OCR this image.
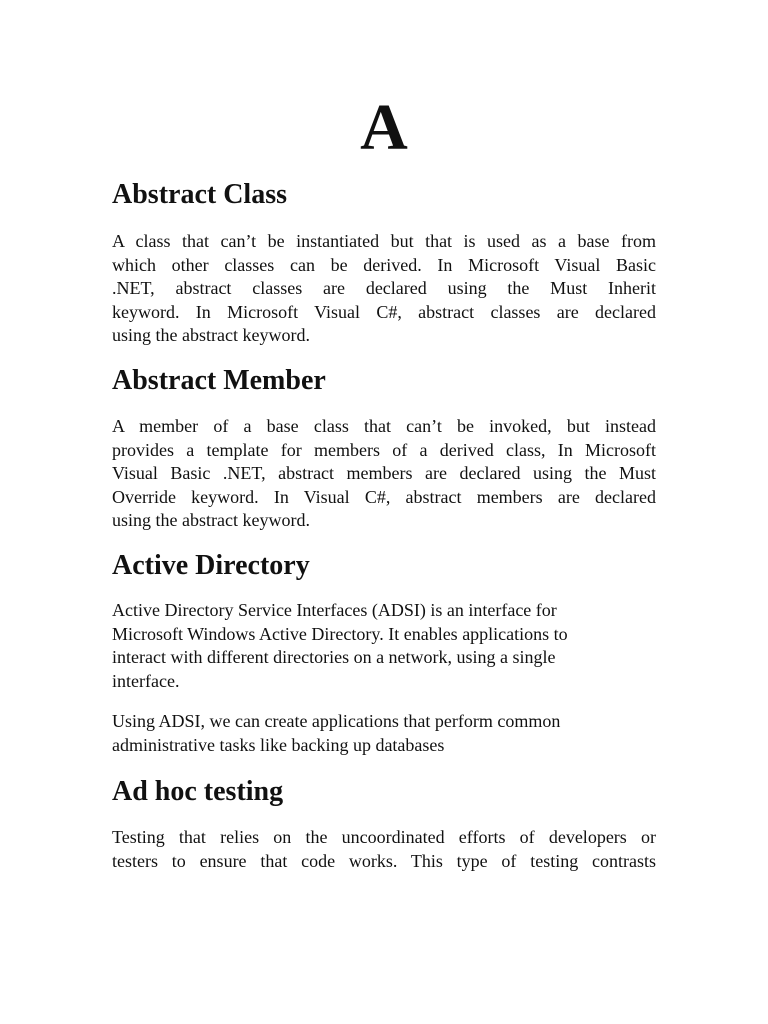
A
Abstract Class
A class that can’t be instantiated but that is used as a base from
which other classes can be derived. In Microsoft Visual Basic
.NET, abstract classes are declared using the Must Inherit
keyword. In Microsoft Visual C#, abstract classes are declared
using the abstract keyword.
Abstract Member
A member of a base class that can’t be invoked, but instead
provides a template for members of a derived class, In Microsoft
Visual Basic .NET, abstract members are declared using the Must
Override keyword. In Visual C#, abstract members are declared
using the abstract keyword.
Active Directory
Active Directory Service Interfaces (ADSI) is an interface for
Microsoft Windows Active Directory. It enables applications to
interact with different directories on a network, using a single
interface.
Using ADSI, we can create applications that perform common
administrative tasks like backing up databases
Ad hoc testing
Testing that relies on the uncoordinated efforts of developers or
testers to ensure that code works. This type of testing contrasts
